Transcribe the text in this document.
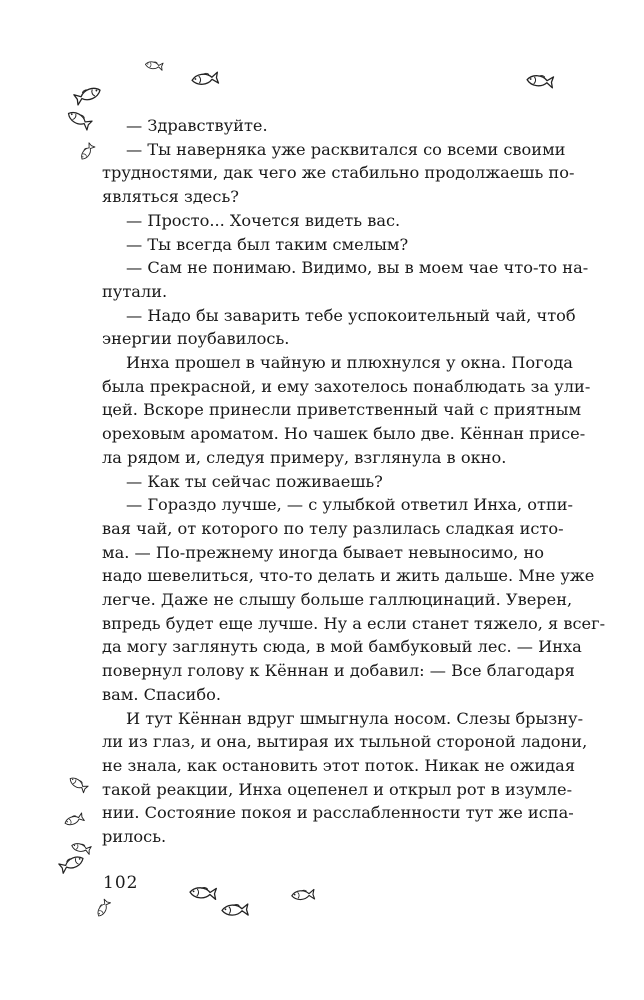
— Здравствуйте.

— Ты наверняка уже расквитался со всеми своими
трудностями, дак чего же стабильно продолжаешь по-
являться здесь?

— Просто... Хочется видеть вас.

— Ты всегда был таким смелым?

— Сам не понимаю. Видимо, вы в моем чае что-то на-
путали.

— Надо бы заварить тебе успокоительный чай, чтоб
энергии поубавилось.

Инха прошел в чайную и плюхнулся у окна. Погода
была прекрасной, и ему захотелось понаблюдать за ули-
цей. Вскоре принесли приветственный чай с приятным
ореховым ароматом. Но чашек было две. Кённан присе-
ла рядом и, следуя примеру, взглянула в окно.

— Как ты сейчас поживаешь?

— Гораздо лучше, — с улыбкой ответил Инха, отпи-
вая чай, от которого по телу разлилась сладкая исто-
ма. — По-прежнему иногда бывает невыносимо, но
надо шевелиться, что-то делать и жить дальше. Мне уже
легче. Даже не слышу больше галлюцинаций. Уверен,
впредь будет еще лучше. Ну а если станет тяжело, я всег-
да могу заглянуть сюда, в мой бамбуковый лес. — Инха
повернул голову к Кённан и добавил: — Все благодаря
вам. Спасибо.

И тут Кённан вдруг шмыгнула носом. Слезы брызну-
ли из глаз, и она, вытирая их тыльной стороной ладони,
не знала, как остановить этот поток. Никак не ожидая
такой реакции, Инха оцепенел и открыл рот в изумле-
нии. Состояние покоя и расслабленности тут же испа-
рилось.

102
